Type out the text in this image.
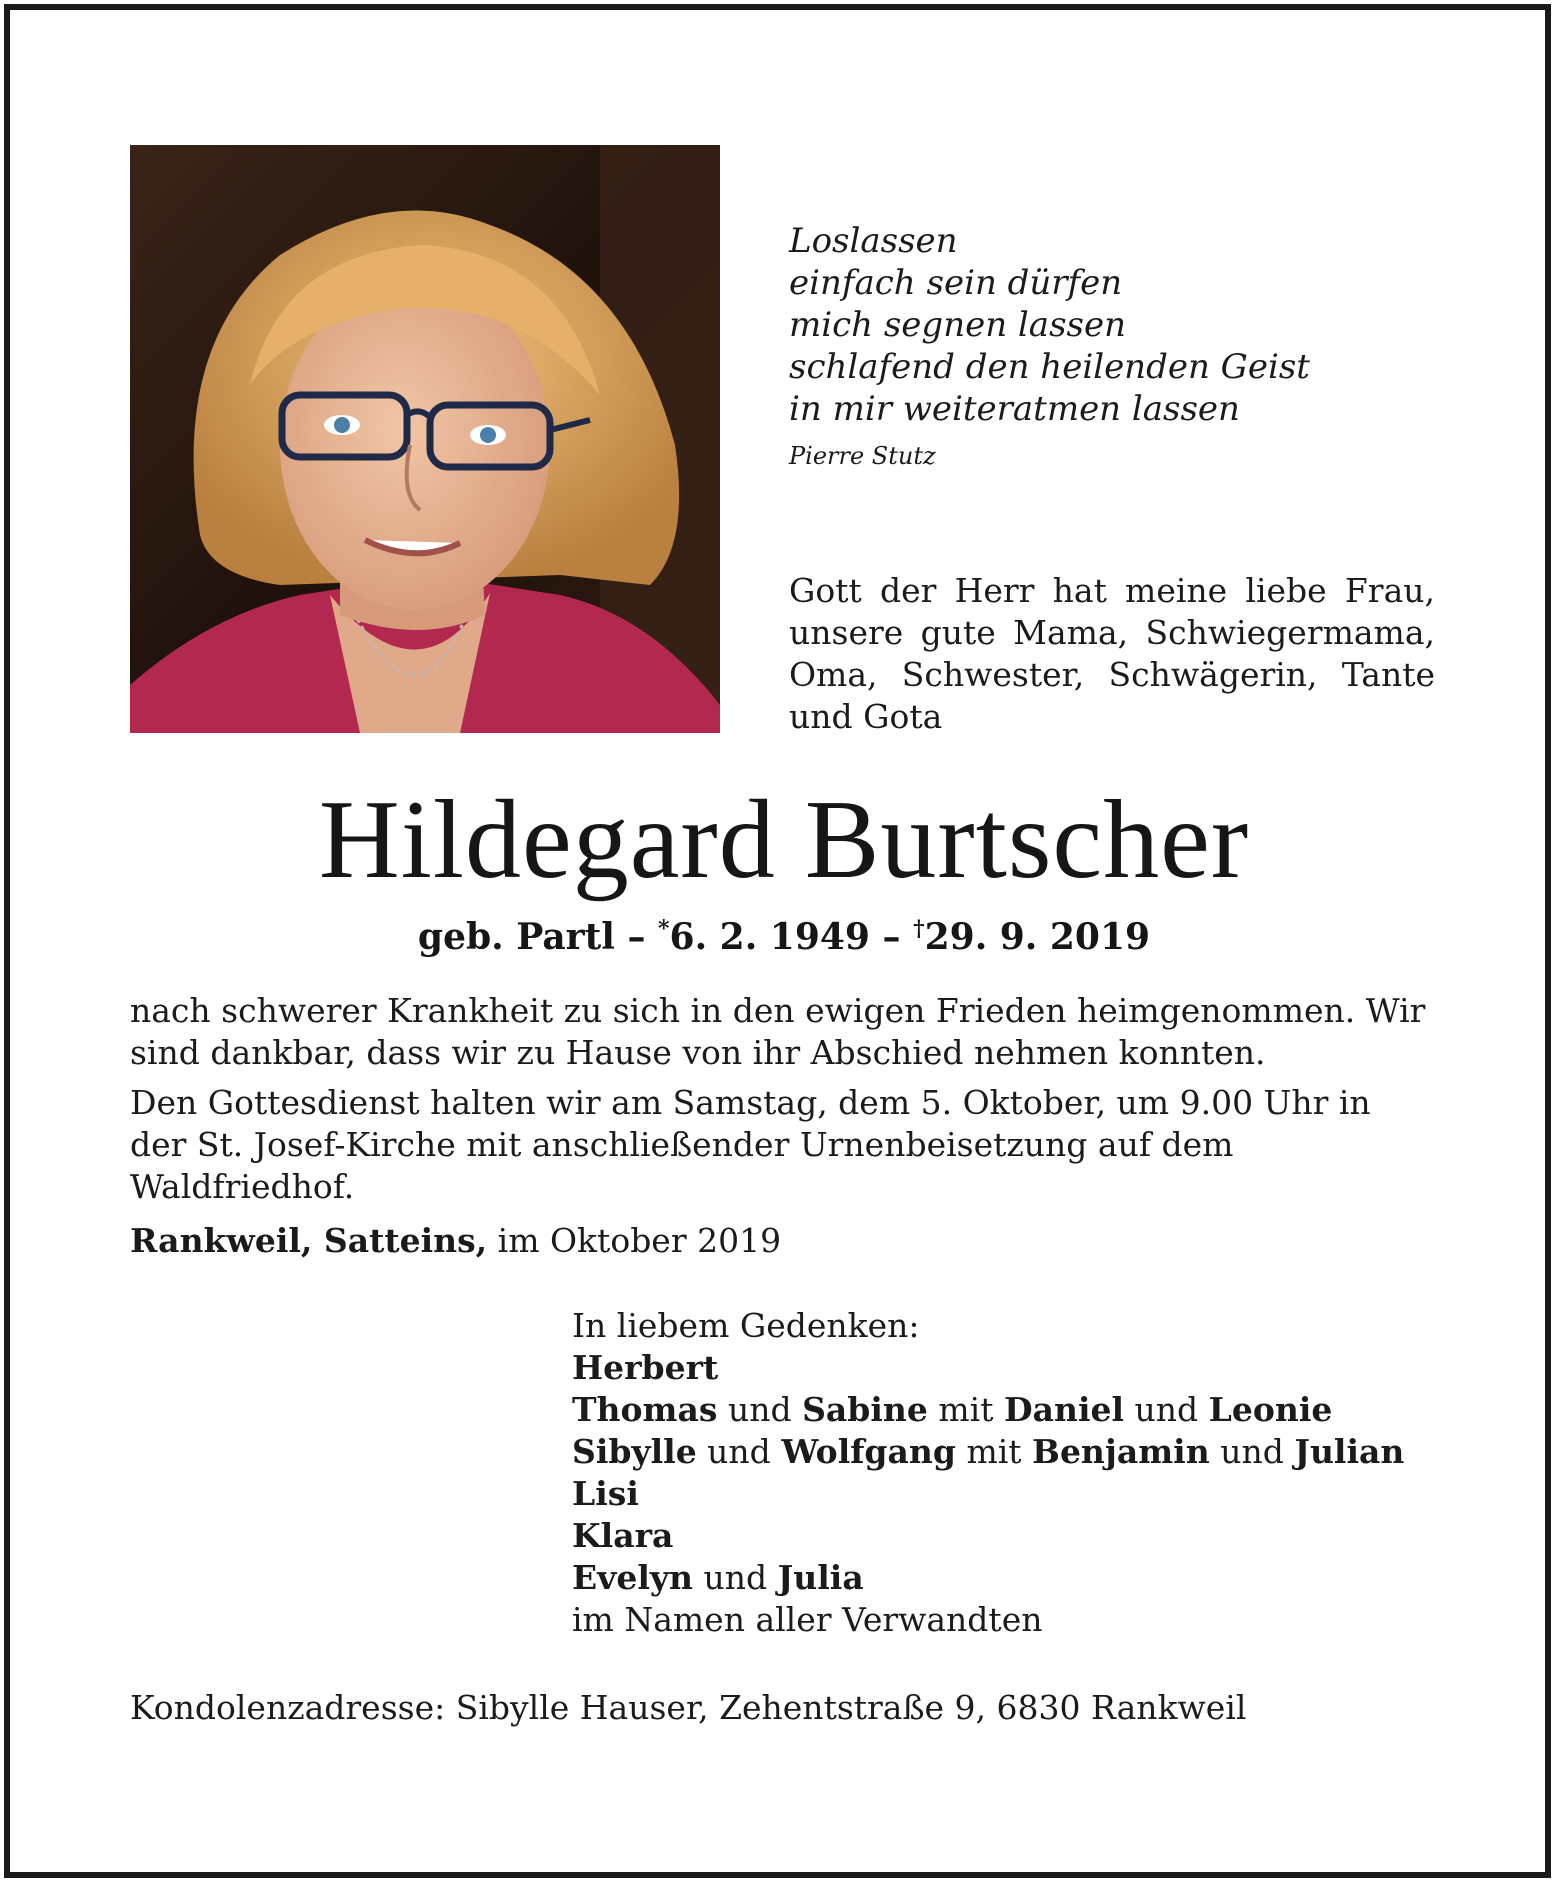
Loslassen
einfach sein dürfen
mich segnen lassen
schlafend den heilenden Geist
in mir weiteratmen lassen
Pierre Stutz
Gott der Herr hat meine liebe Frau, unsere gute Mama, Schwiegermama, Oma, Schwester, Schwägerin, Tante und Gota
Hildegard Burtscher
geb. Partl – *6. 2. 1949 – †29. 9. 2019

nach schwerer Krankheit zu sich in den ewigen Frieden heimgenommen. Wir sind dankbar, dass wir zu Hause von ihr Abschied nehmen konnten.

Den Gottesdienst halten wir am Samstag, dem 5. Oktober, um 9.00 Uhr in der St. Josef-Kirche mit anschließender Urnenbeisetzung auf dem Waldfriedhof.

Rankweil, Satteins, im Oktober 2019
In liebem Gedenken:
Herbert
Thomas und Sabine mit Daniel und Leonie
Sibylle und Wolfgang mit Benjamin und Julian
Lisi
Klara
Evelyn und Julia
im Namen aller Verwandten
Kondolenzadresse: Sibylle Hauser, Zehentstraße 9, 6830 Rankweil
